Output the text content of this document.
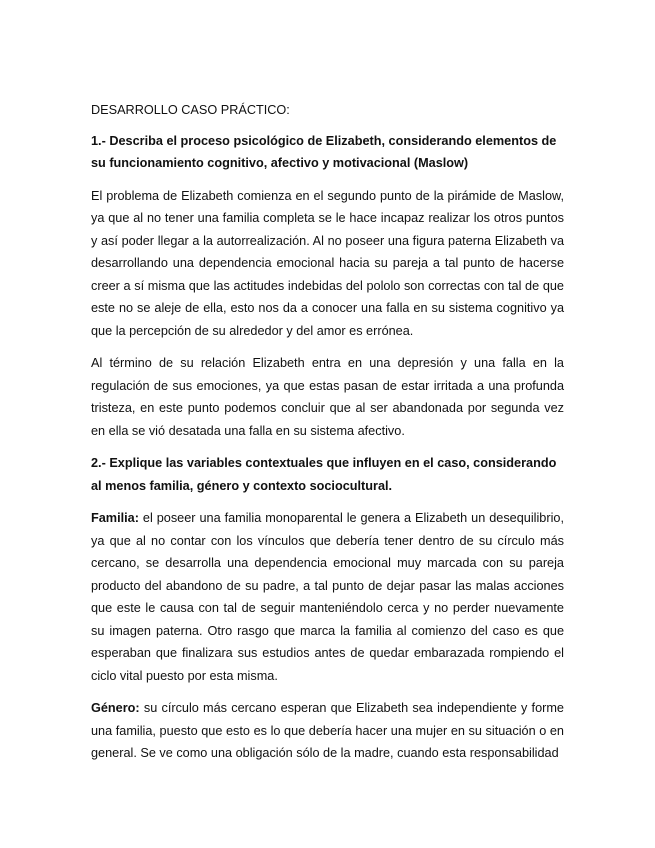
DESARROLLO CASO PRÁCTICO:

1.- Describa el proceso psicológico de Elizabeth, considerando elementos de su funcionamiento cognitivo, afectivo y motivacional (Maslow)

El problema de Elizabeth comienza en el segundo punto de la pirámide de Maslow, ya que al no tener una familia completa se le hace incapaz realizar los otros puntos y así poder llegar a la autorrealización. Al no poseer una figura paterna Elizabeth va desarrollando una dependencia emocional hacia su pareja a tal punto de hacerse creer a sí misma que las actitudes indebidas del pololo son correctas con tal de que este no se aleje de ella, esto nos da a conocer una falla en su sistema cognitivo ya que la percepción de su alrededor y del amor es errónea.

Al término de su relación Elizabeth entra en una depresión y una falla en la regulación de sus emociones, ya que estas pasan de estar irritada a una profunda tristeza, en este punto podemos concluir que al ser abandonada por segunda vez en ella se vió desatada una falla en su sistema afectivo.

2.- Explique las variables contextuales que influyen en el caso, considerando al menos familia, género y contexto sociocultural.

Familia: el poseer una familia monoparental le genera a Elizabeth un desequilibrio, ya que al no contar con los vínculos que debería tener dentro de su círculo más cercano, se desarrolla una dependencia emocional muy marcada con su pareja producto del abandono de su padre, a tal punto de dejar pasar las malas acciones que este le causa con tal de seguir manteniéndolo cerca y no perder nuevamente su imagen paterna. Otro rasgo que marca la familia al comienzo del caso es que esperaban que finalizara sus estudios antes de quedar embarazada rompiendo el ciclo vital puesto por esta misma.

Género: su círculo más cercano esperan que Elizabeth sea independiente y forme una familia, puesto que esto es lo que debería hacer una mujer en su situación o en general. Se ve como una obligación sólo de la madre, cuando esta responsabilidad
